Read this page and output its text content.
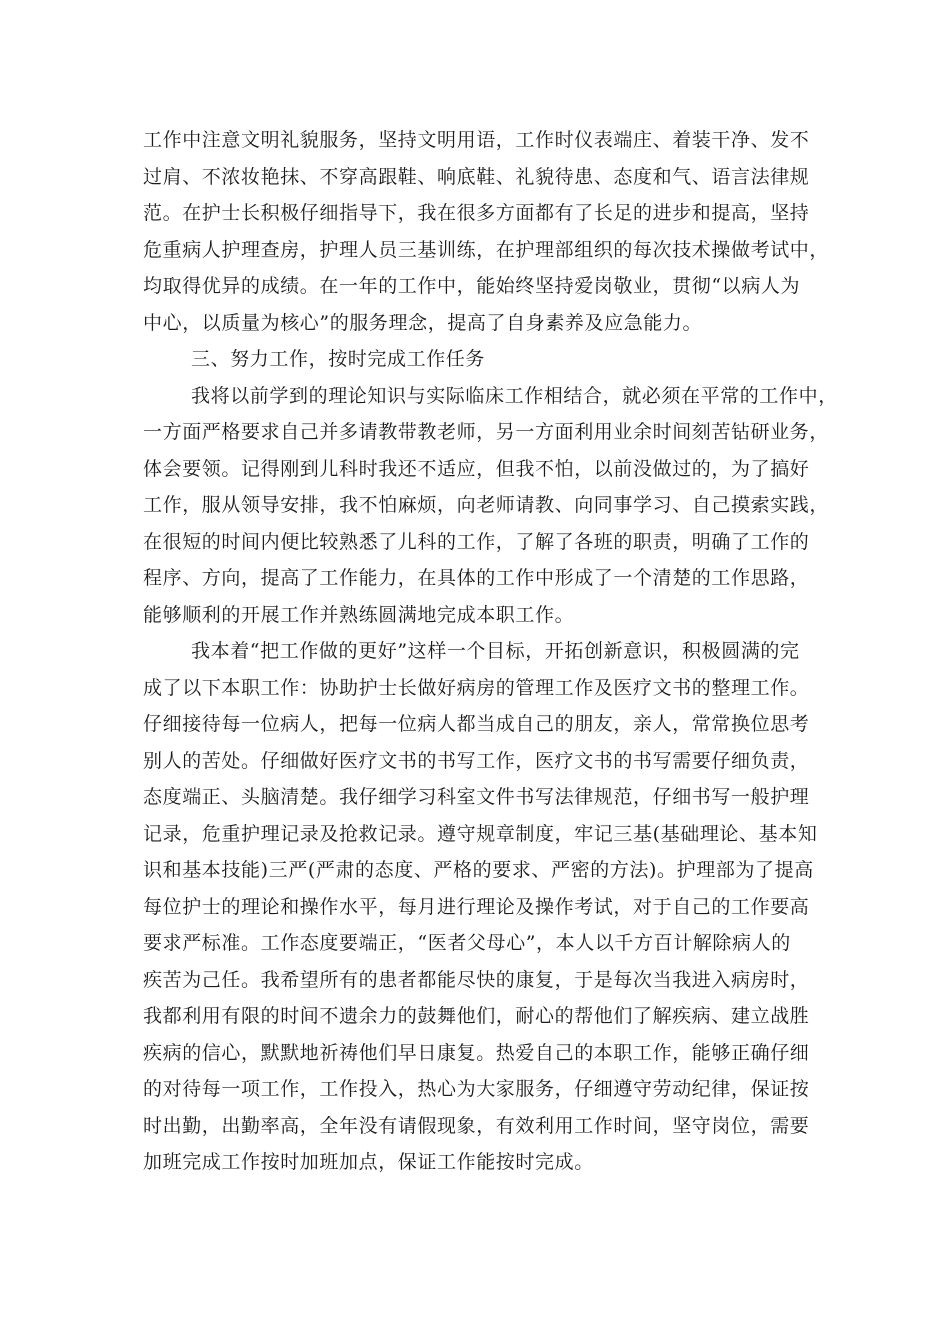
工作中注意文明礼貌服务，坚持文明用语，工作时仪表端庄、着装干净、发不
过肩、不浓妆艳抹、不穿高跟鞋、响底鞋、礼貌待患、态度和气、语言法律规
范。在护士长积极仔细指导下，我在很多方面都有了长足的进步和提高，坚持
危重病人护理查房，护理人员三基训练，在护理部组织的每次技术操做考试中，
均取得优异的成绩。在一年的工作中，能始终坚持爱岗敬业，贯彻“以病人为
中心，以质量为核心”的服务理念，提高了自身素养及应急能力。
三、努力工作，按时完成工作任务
我将以前学到的理论知识与实际临床工作相结合，就必须在平常的工作中，
一方面严格要求自己并多请教带教老师，另一方面利用业余时间刻苦钻研业务，
体会要领。记得刚到儿科时我还不适应，但我不怕，以前没做过的，为了搞好
工作，服从领导安排，我不怕麻烦，向老师请教、向同事学习、自己摸索实践，
在很短的时间内便比较熟悉了儿科的工作，了解了各班的职责，明确了工作的
程序、方向，提高了工作能力，在具体的工作中形成了一个清楚的工作思路，
能够顺利的开展工作并熟练圆满地完成本职工作。
我本着“把工作做的更好”这样一个目标，开拓创新意识，积极圆满的完
成了以下本职工作：协助护士长做好病房的管理工作及医疗文书的整理工作。
仔细接待每一位病人，把每一位病人都当成自己的朋友，亲人，常常换位思考
别人的苦处。仔细做好医疗文书的书写工作，医疗文书的书写需要仔细负责，
态度端正、头脑清楚。我仔细学习科室文件书写法律规范，仔细书写一般护理
记录，危重护理记录及抢救记录。遵守规章制度，牢记三基(基础理论、基本知
识和基本技能)三严(严肃的态度、严格的要求、严密的方法)。护理部为了提高
每位护士的理论和操作水平，每月进行理论及操作考试，对于自己的工作要高
要求严标准。工作态度要端正，“医者父母心”，本人以千方百计解除病人的
疾苦为己任。我希望所有的患者都能尽快的康复，于是每次当我进入病房时，
我都利用有限的时间不遗余力的鼓舞他们，耐心的帮他们了解疾病、建立战胜
疾病的信心，默默地祈祷他们早日康复。热爱自己的本职工作，能够正确仔细
的对待每一项工作，工作投入，热心为大家服务，仔细遵守劳动纪律，保证按
时出勤，出勤率高，全年没有请假现象，有效利用工作时间，坚守岗位，需要
加班完成工作按时加班加点，保证工作能按时完成。
